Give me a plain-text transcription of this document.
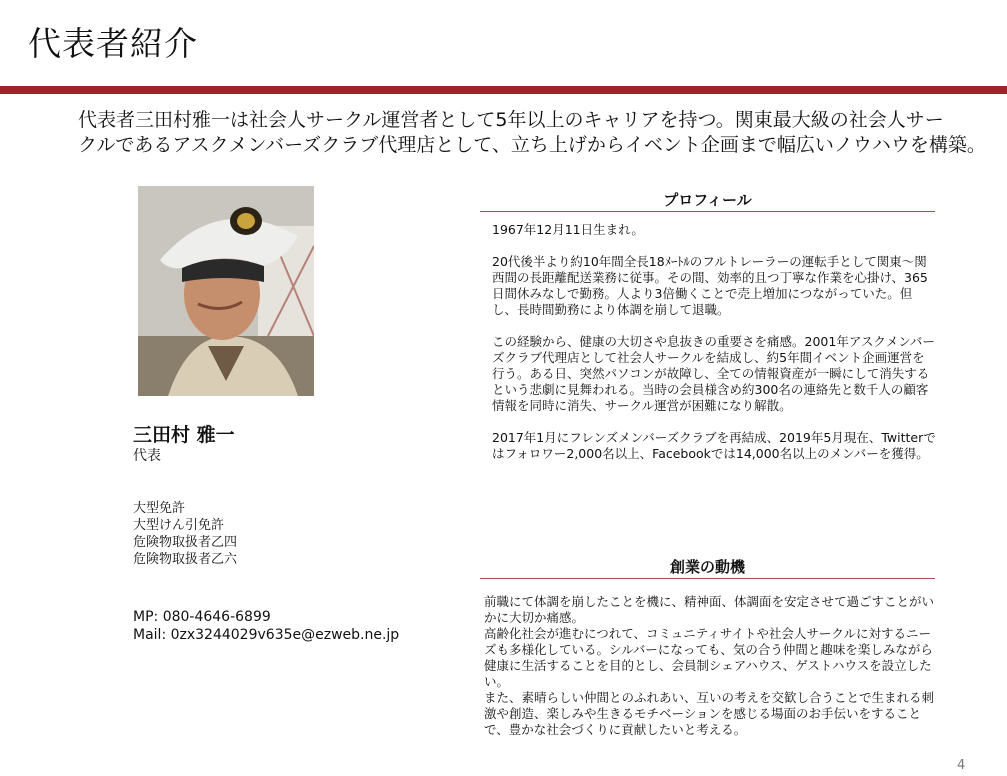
代表者紹介

代表者三田村雅一は社会人サークル運営者として5年以上のキャリアを持つ。関東最大級の社会人サー

クルであるアスクメンバーズクラブ代理店として、立ち上げからイベント企画まで幅広いノウハウを構築。

三田村 雅一
代表
大型免許
大型けん引免許
危険物取扱者乙四
危険物取扱者乙六
MP: 080-4646-6899
Mail: 0zx3244029v635e@ezweb.ne.jp
プロフィール

1967年12月11日生まれ。

20代後半より約10年間全長18ﾒｰﾄﾙのフルトレーラーの運転手として関東～関西間の長距離配送業務に従事。その間、効率的且つ丁寧な作業を心掛け、365日間休みなしで勤務。人より3倍働くことで売上増加につながっていた。但し、長時間勤務により体調を崩して退職。

この経験から、健康の大切さや息抜きの重要さを痛感。2001年アスクメンバーズクラブ代理店として社会人サークルを結成し、約5年間イベント企画運営を行う。ある日、突然パソコンが故障し、全ての情報資産が一瞬にして消失するという悲劇に見舞われる。当時の会員様含め約300名の連絡先と数千人の顧客情報を同時に消失、サークル運営が困難になり解散。

2017年1月にフレンズメンバーズクラブを再結成、2019年5月現在、Twitterではフォロワー2,000名以上、Facebookでは14,000名以上のメンバーを獲得。

創業の動機

前職にて体調を崩したことを機に、精神面、体調面を安定させて過ごすことがいかに大切か痛感。

高齢化社会が進むにつれて、コミュニティサイトや社会人サークルに対するニーズも多様化している。シルバーになっても、気の合う仲間と趣味を楽しみながら健康に生活することを目的とし、会員制シェアハウス、ゲストハウスを設立したい。

また、素晴らしい仲間とのふれあい、互いの考えを交歓し合うことで生まれる刺激や創造、楽しみや生きるモチベーションを感じる場面のお手伝いをすることで、豊かな社会づくりに貢献したいと考える。

4
